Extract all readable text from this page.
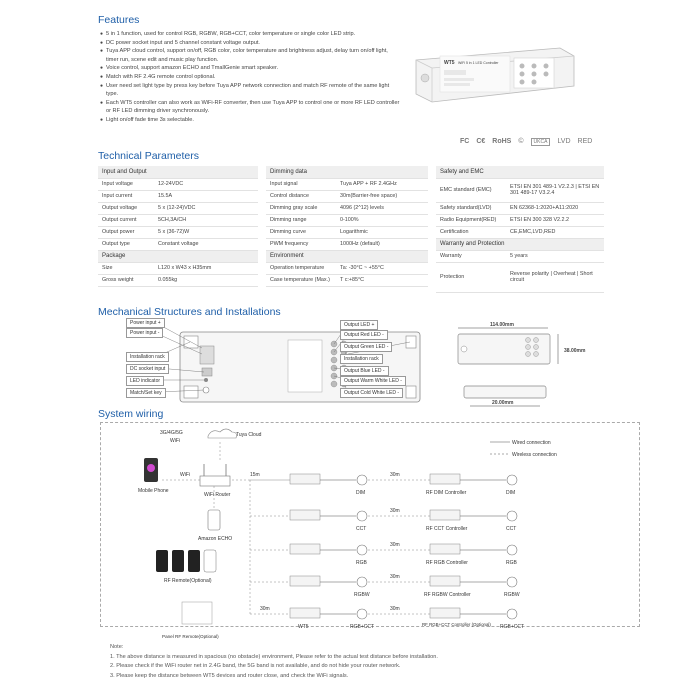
Features
● 5 in 1 function, used for control RGB, RGBW, RGB+CCT, color temperature or single color LED strip.
● DC power socket input and 5 channel constant voltage output.
● Tuya APP cloud control, support on/off, RGB color, color temperature and brightness adjust, delay turn on/off light, timer run, scene edit and music play function.
● Voice control, support amazon ECHO and TmallGenie smart speaker.
● Match with RF 2.4G remote control optional.
● User need set light type by press key before Tuya APP network connection and match RF remote of the same light type.
● Each WT5 controller can also work as WiFi-RF converter, then use Tuya APP to control one or more RF LED controller or RF LED dimming driver synchronously.
● Light on/off fade time 3s selectable.
WT5 WiFi 5 in 1 LED Controller
FC C€ RoHS ©	UKCA	LVD RED
Technical Parameters
Input and Output	
Input voltage	12-24VDC
Input current	15.5A
Output voltage	5 x (12-24)VDC
Output current	5CH,3A/CH
Output power	5 x (36-72)W
Output type	Constant voltage
Package	
Size	L120 x W43 x H35mm
Gross weight	0.055kg
Dimming data	
Input signal	Tuya APP + RF 2.4GHz
Control distance	30m(Barrier-free space)
Dimming gray scale	4096 (2^12) levels
Dimming range	0-100%
Dimming curve	Logarithmic
PWM frequency	1000Hz (default)
Environment	
Operation temperature	Ta: -30°C ~ +55°C
Case temperature (Max.)	T c:+85°C
Safety and EMC	
EMC standard (EMC)	ETSI EN 301 489-1 V2.2.3 | ETSI EN 301 489-17 V3.2.4
Safety standard(LVD)	EN 62368-1:2020+A11:2020
Radio Equipment(RED)	ETSI EN 300 328 V2.2.2
Certification	CE,EMC,LVD,RED
Warranty and Protection	
Warranty	5 years
Protection	Reverse polarity | Overheat | Short circuit
Mechanical Structures and Installations
Power input +
Power input -
Installation rack
DC socket input
LED indicator
Match/Set key
Output LED +
Output Red LED -
Output Green LED -
Installation rack
Output Blue LED -
Output Warm White LED -
Output Cold White LED -
114.00mm
38.00mm
20.00mm
System wiring
Wired connection
Wireless connection
3G/4G/5G
WiFi
Tuya Cloud
Mobile Phone
WiFi
WiFi Router
15m
Amazon ECHO
RF Remote(Optional)
Panel RF Remote(Optional)
DIM
30m
RF DIM Controller	DIM
CCT
30m
RF CCT Controller	CCT
RGB
30m
RF RGB Controller	RGB
RGBW
30m
RF RGBW Controller	RGBW
30m
WT5	RGB+CCT
30m
RF RGB+CCT Controller (Optional) RGB+CCT
Note:
1. The above distance is measured in spacious (no obstacle) environment, Please refer to the actual test distance before installation.
2. Please check if the WiFi router net in 2.4G band, the 5G band is not available, and do not hide your router network.
3. Please keep the distance between WT5 devices and router close, and check the WiFi signals.
